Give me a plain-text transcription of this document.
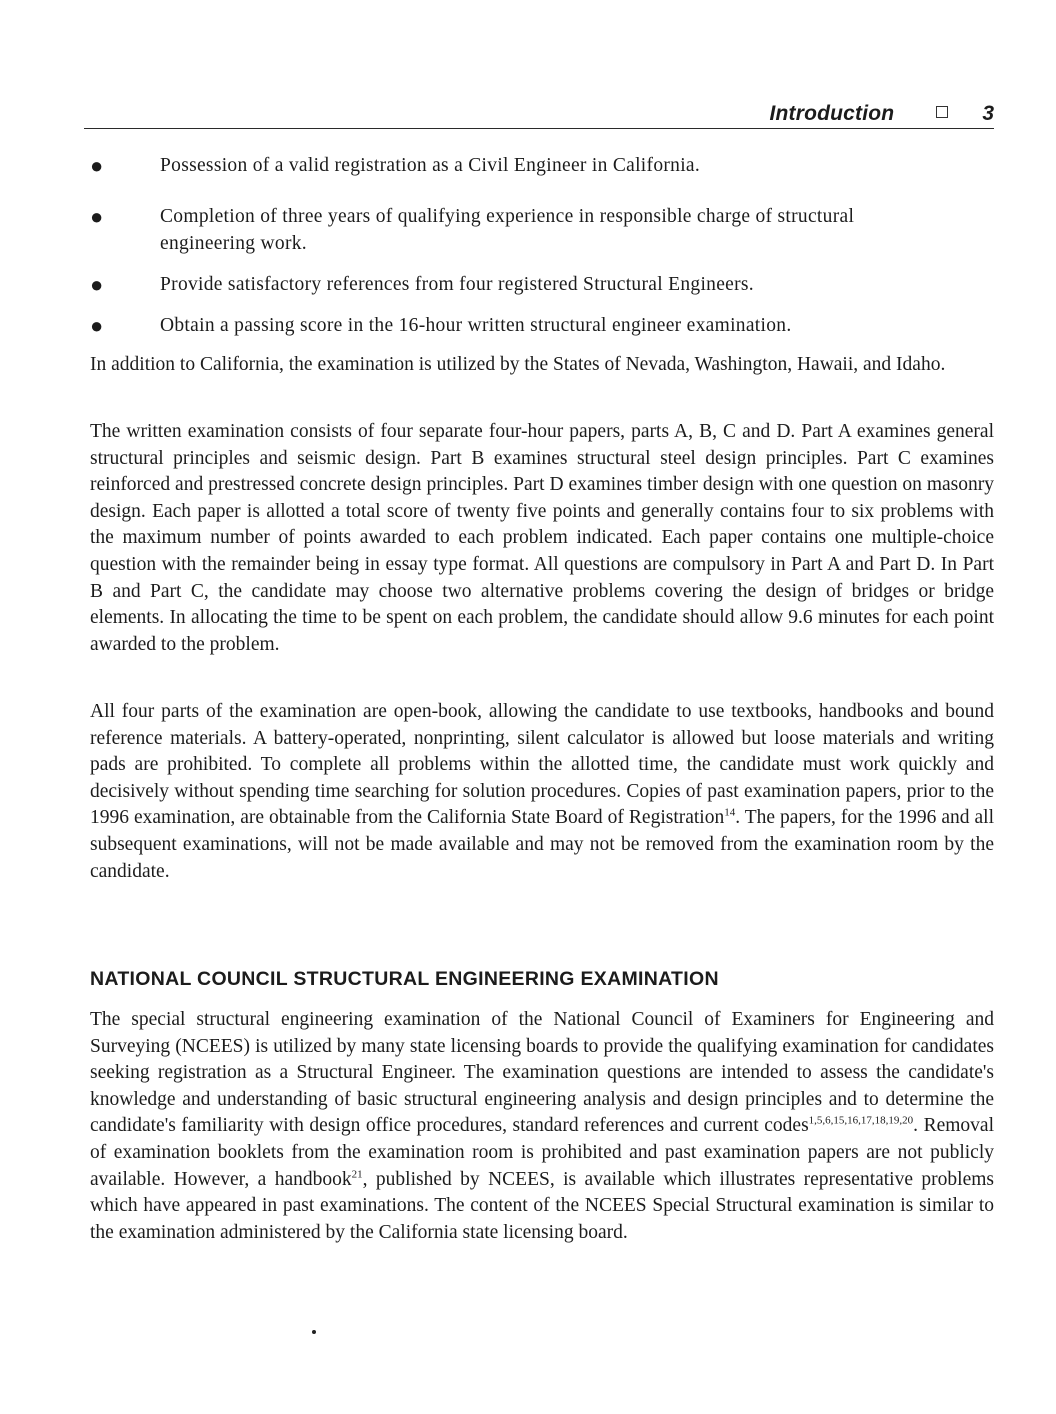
Introduction	3
●	Possession of a valid registration as a Civil Engineer in California.
●	Completion of three years of qualifying experience in responsible charge of structural engineering work.
●	Provide satisfactory references from four registered Structural Engineers.
●	Obtain a passing score in the 16-hour written structural engineer examination.

In addition to California, the examination is utilized by the States of Nevada, Washington, Hawaii, and Idaho.

The written examination consists of four separate four-hour papers, parts A, B, C and D. Part A examines general structural principles and seismic design. Part B examines structural steel design principles. Part C examines reinforced and prestressed concrete design principles. Part D examines timber design with one question on masonry design. Each paper is allotted a total score of twenty five points and generally contains four to six problems with the maximum number of points awarded to each problem indicated. Each paper contains one multiple-choice question with the remainder being in essay type format. All questions are compulsory in Part A and Part D. In Part B and Part C, the candidate may choose two alternative problems covering the design of bridges or bridge elements. In allocating the time to be spent on each problem, the candidate should allow 9.6 minutes for each point awarded to the problem.

All four parts of the examination are open-book, allowing the candidate to use textbooks, handbooks and bound reference materials. A battery-operated, nonprinting, silent calculator is allowed but loose materials and writing pads are prohibited. To complete all problems within the allotted time, the candidate must work quickly and decisively without spending time searching for solution procedures. Copies of past examination papers, prior to the 1996 examination, are obtainable from the California State Board of Registration$^{14}$. The papers, for the 1996 and all subsequent examinations, will not be made available and may not be removed from the examination room by the candidate.

NATIONAL COUNCIL STRUCTURAL ENGINEERING EXAMINATION

The special structural engineering examination of the National Council of Examiners for Engineering and Surveying (NCEES) is utilized by many state licensing boards to provide the qualifying examination for candidates seeking registration as a Structural Engineer. The examination questions are intended to assess the candidate's knowledge and understanding of basic structural engineering analysis and design principles and to determine the candidate's familiarity with design office procedures, standard references and current codes$^{1,5,6,15,16,17,18,19,20}$. Removal of examination booklets from the examination room is prohibited and past examination papers are not publicly available. However, a handbook$^{21}$, published by NCEES, is available which illustrates representative problems which have appeared in past examinations. The content of the NCEES Special Structural examination is similar to the examination administered by the California state licensing board.
